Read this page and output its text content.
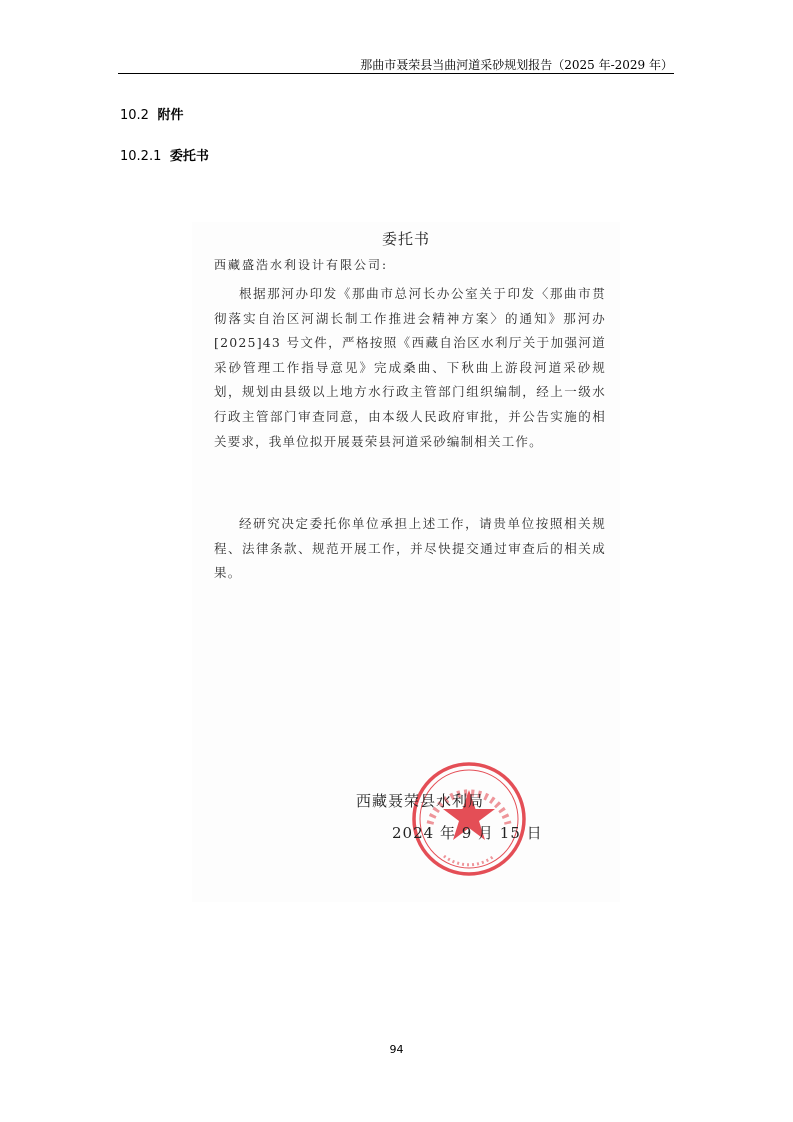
那曲市聂荣县当曲河道采砂规划报告（2025 年-2029 年）
10.2 附件
10.2.1 委托书
委托书
西藏盛浩水利设计有限公司:

根据那河办印发《那曲市总河长办公室关于印发〈那曲市贯彻落实自治区河湖长制工作推进会精神方案〉的通知》那河办[2025]43 号文件，严格按照《西藏自治区水利厅关于加强河道采砂管理工作指导意见》完成桑曲、下秋曲上游段河道采砂规划，规划由县级以上地方水行政主管部门组织编制，经上一级水行政主管部门审查同意，由本级人民政府审批，并公告实施的相关要求，我单位拟开展聂荣县河道采砂编制相关工作。

经研究决定委托你单位承担上述工作，请贵单位按照相关规程、法律条款、规范开展工作，并尽快提交通过审查后的相关成果。

西藏聂荣县水利局
2024 年 9 月 15 日
94
